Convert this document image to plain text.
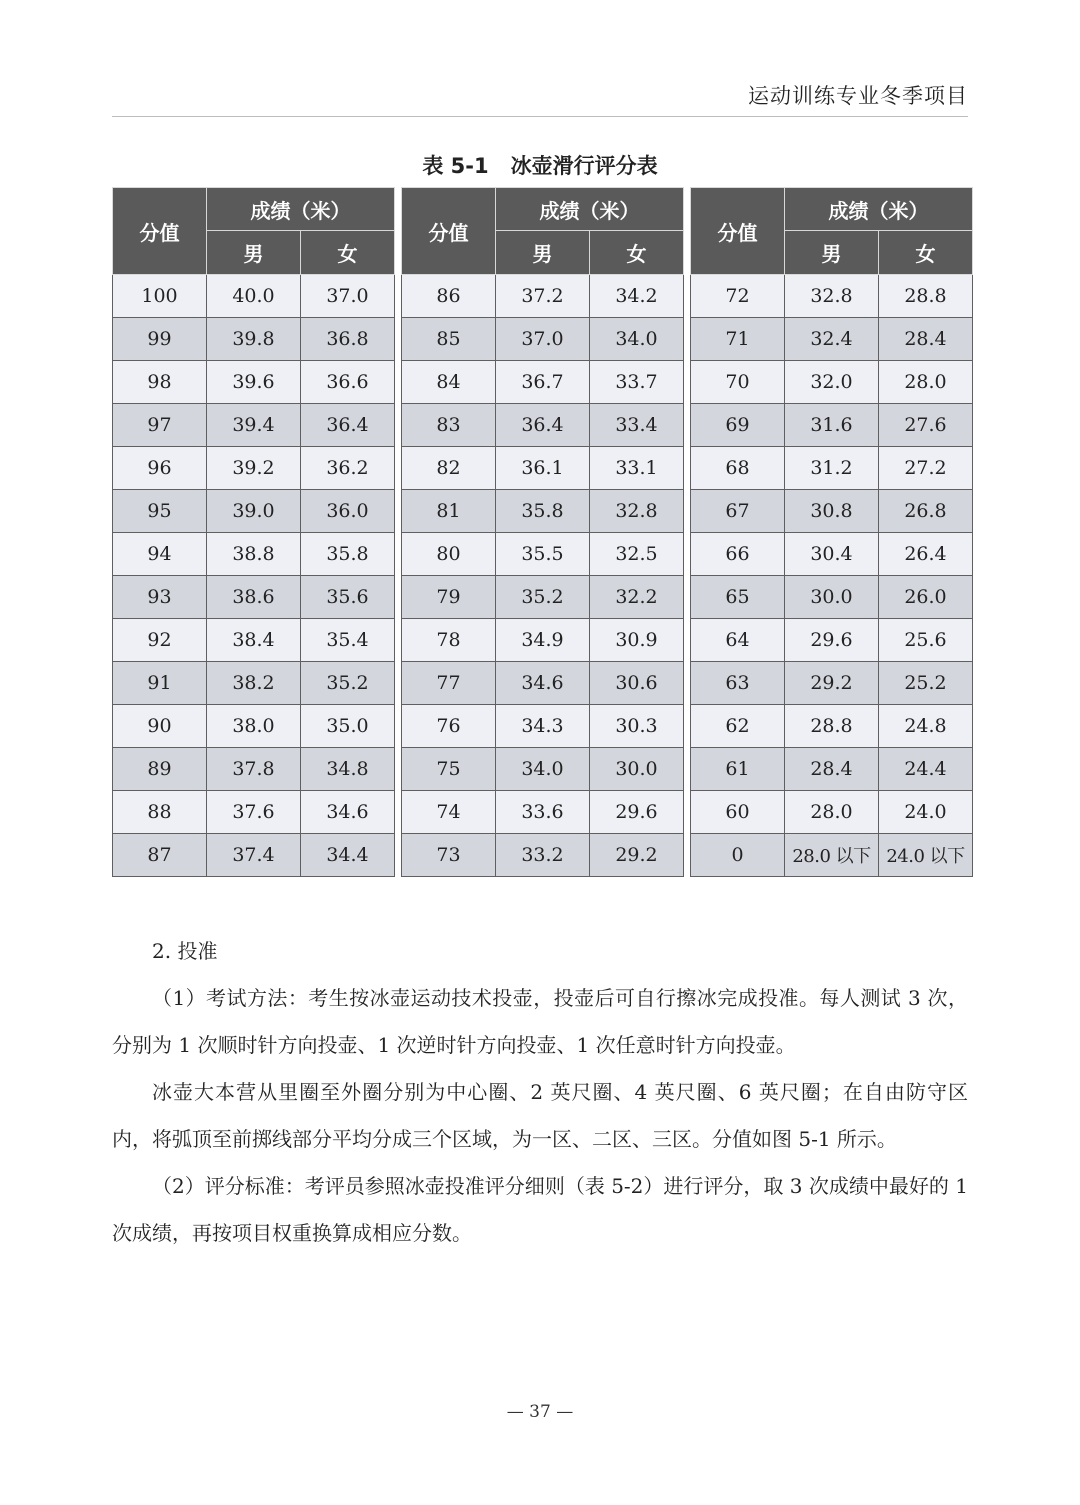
运动训练专业冬季项目
表 5-1 冰壶滑行评分表
分值	成绩（米）	
	男	女
100	40.0	37.0
99	39.8	36.8
98	39.6	36.6
97	39.4	36.4
96	39.2	36.2
95	39.0	36.0
94	38.8	35.8
93	38.6	35.6
92	38.4	35.4
91	38.2	35.2
90	38.0	35.0
89	37.8	34.8
88	37.6	34.6
87	37.4	34.4
分值	成绩（米）	
	男	女
86	37.2	34.2
85	37.0	34.0
84	36.7	33.7
83	36.4	33.4
82	36.1	33.1
81	35.8	32.8
80	35.5	32.5
79	35.2	32.2
78	34.9	30.9
77	34.6	30.6
76	34.3	30.3
75	34.0	30.0
74	33.6	29.6
73	33.2	29.2
分值	成绩（米）	
	男	女
72	32.8	28.8
71	32.4	28.4
70	32.0	28.0
69	31.6	27.6
68	31.2	27.2
67	30.8	26.8
66	30.4	26.4
65	30.0	26.0
64	29.6	25.6
63	29.2	25.2
62	28.8	24.8
61	28.4	24.4
60	28.0	24.0
0	28.0 以下	24.0 以下

2. 投准

（1）考试方法：考生按冰壶运动技术投壶，投壶后可自行擦冰完成投准。每人测试 3 次，分别为 1 次顺时针方向投壶、1 次逆时针方向投壶、1 次任意时针方向投壶。

冰壶大本营从里圈至外圈分别为中心圈、2 英尺圈、4 英尺圈、6 英尺圈；在自由防守区内，将弧顶至前掷线部分平均分成三个区域，为一区、二区、三区。分值如图 5-1 所示。

（2）评分标准：考评员参照冰壶投准评分细则（表 5-2）进行评分，取 3 次成绩中最好的 1 次成绩，再按项目权重换算成相应分数。

— 37 —
